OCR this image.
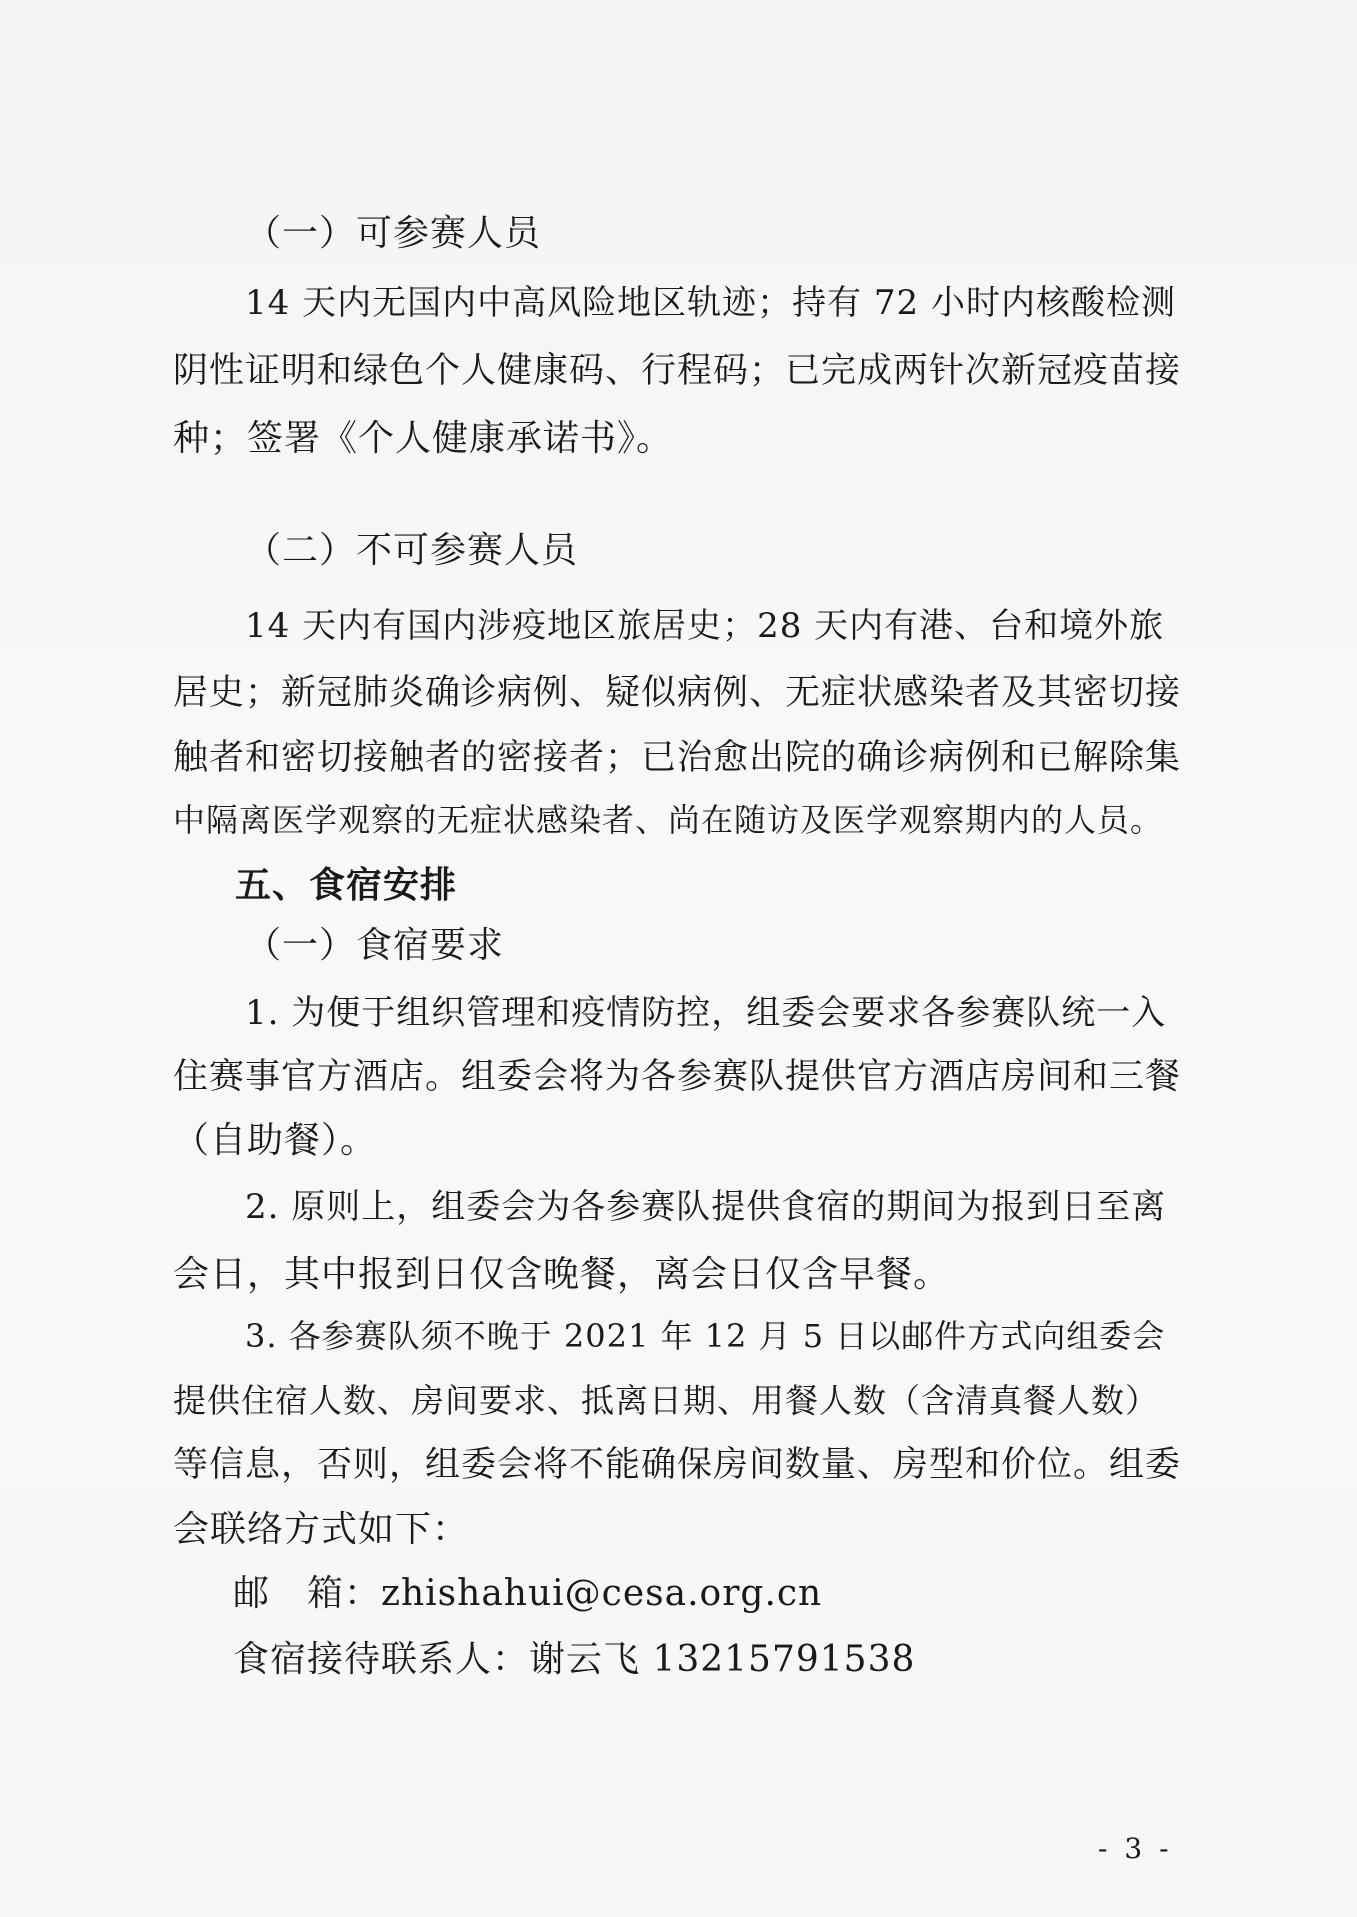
（一）可参赛人员
14 天内无国内中高风险地区轨迹；持有 72 小时内核酸检测
阴性证明和绿色个人健康码、行程码；已完成两针次新冠疫苗接
种；签署《个人健康承诺书》。
（二）不可参赛人员
14 天内有国内涉疫地区旅居史；28 天内有港、台和境外旅
居史；新冠肺炎确诊病例、疑似病例、无症状感染者及其密切接
触者和密切接触者的密接者；已治愈出院的确诊病例和已解除集
中隔离医学观察的无症状感染者、尚在随访及医学观察期内的人员。
五、食宿安排
（一）食宿要求
1. 为便于组织管理和疫情防控，组委会要求各参赛队统一入
住赛事官方酒店。组委会将为各参赛队提供官方酒店房间和三餐
（自助餐）。
2. 原则上，组委会为各参赛队提供食宿的期间为报到日至离
会日，其中报到日仅含晚餐，离会日仅含早餐。
3. 各参赛队须不晚于 2021 年 12 月 5 日以邮件方式向组委会
提供住宿人数、房间要求、抵离日期、用餐人数（含清真餐人数）
等信息，否则，组委会将不能确保房间数量、房型和价位。组委
会联络方式如下：
邮　箱：zhishahui@cesa.org.cn
食宿接待联系人：谢云飞 13215791538
- 3 -
